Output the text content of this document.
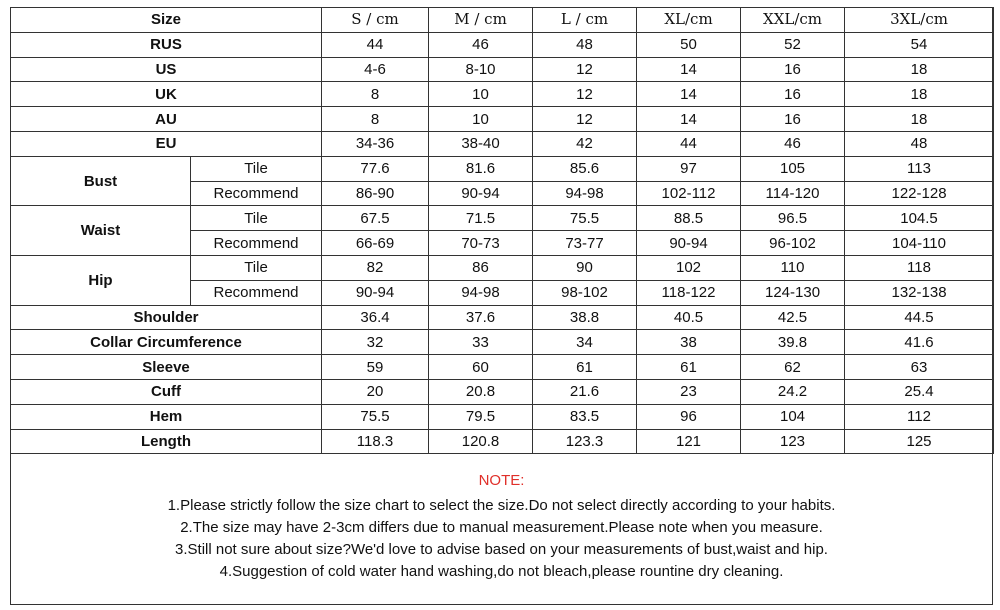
Size		S / cm	M / cm	L / cm	XL/cm	XXL/cm	3XL/cm
RUS		44	46	48	50	52	54
US		4-6	8-10	12	14	16	18
UK		8	10	12	14	16	18
AU		8	10	12	14	16	18
EU		34-36	38-40	42	44	46	48
Bust	Tile	77.6	81.6	85.6	97	105	113
	Recommend	86-90	90-94	94-98	102-112	114-120	122-128
Waist	Tile	67.5	71.5	75.5	88.5	96.5	104.5
	Recommend	66-69	70-73	73-77	90-94	96-102	104-110
Hip	Tile	82	86	90	102	110	118
	Recommend	90-94	94-98	98-102	118-122	124-130	132-138
Shoulder		36.4	37.6	38.8	40.5	42.5	44.5
Collar Circumference		32	33	34	38	39.8	41.6
Sleeve		59	60	61	61	62	63
Cuff		20	20.8	21.6	23	24.2	25.4
Hem		75.5	79.5	83.5	96	104	112
Length		118.3	120.8	123.3	121	123	125
NOTE:
1.Please strictly follow the size chart to select the size.Do not select directly according to your habits.
2.The size may have 2-3cm differs due to manual measurement.Please note when you measure.
3.Still not sure about size?We'd love to advise based on your measurements of bust,waist and hip.
4.Suggestion of cold water hand washing,do not bleach,please rountine dry cleaning.
